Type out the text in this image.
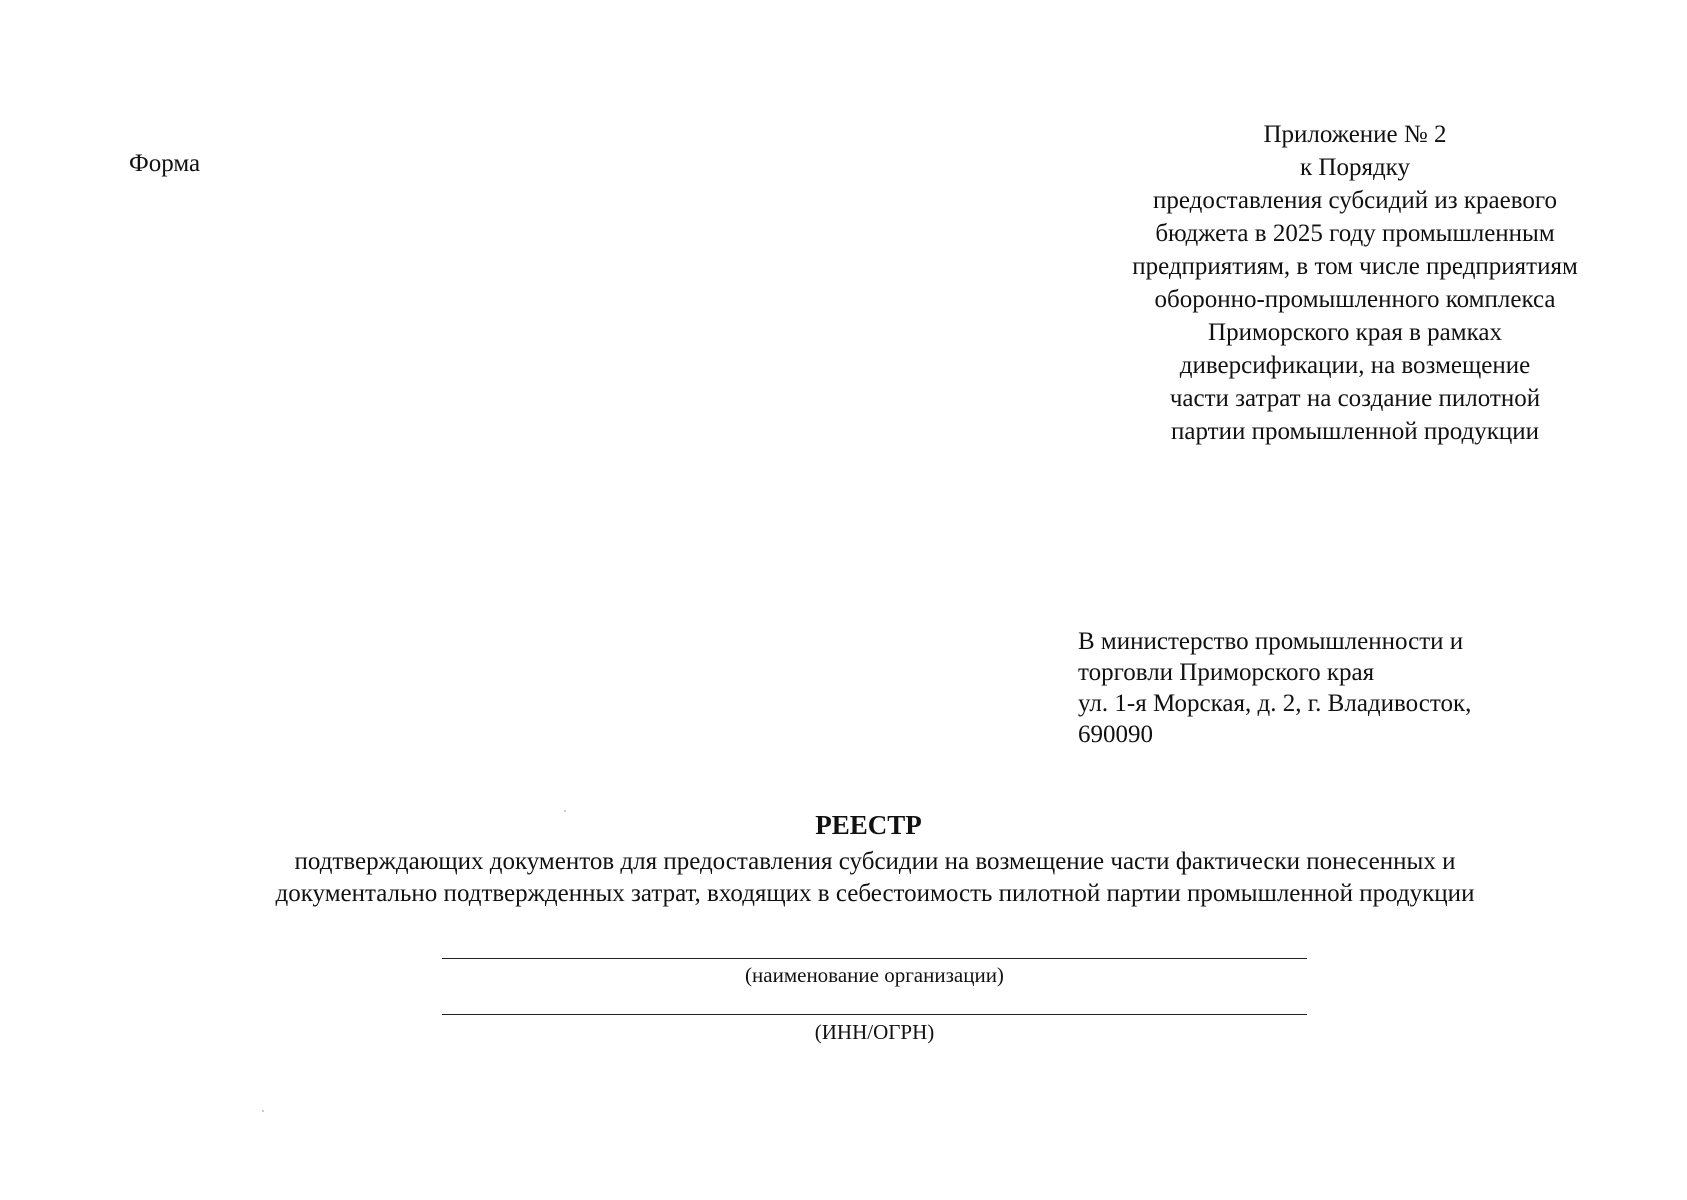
Форма
Приложение № 2
к Порядку
предоставления субсидий из краевого
бюджета в 2025 году промышленным
предприятиям, в том числе предприятиям
оборонно-промышленного комплекса
Приморского края в рамках
диверсификации, на возмещение
части затрат на создание пилотной
партии промышленной продукции
В министерство промышленности и
торговли Приморского края
ул. 1-я Морская, д. 2, г. Владивосток,
690090
РЕЕСТР
подтверждающих документов для предоставления субсидии на возмещение части фактически понесенных и
документально подтвержденных затрат, входящих в себестоимость пилотной партии промышленной продукции
(наименование организации)
(ИНН/ОГРН)
